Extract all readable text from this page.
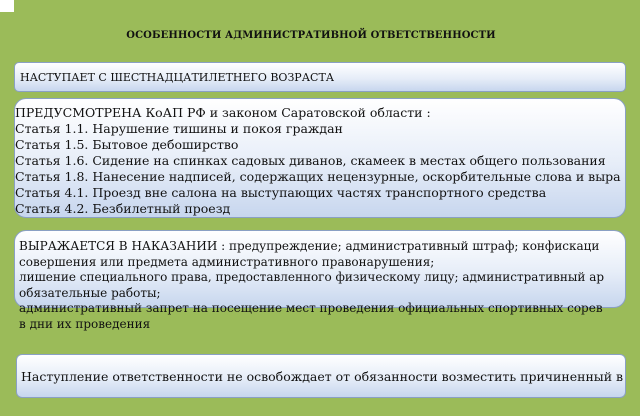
ОСОБЕННОСТИ АДМИНИСТРАТИВНОЙ ОТВЕТСТВЕННОСТИ
НАСТУПАЕТ С ШЕСТНАДЦАТИЛЕТНЕГО ВОЗРАСТА
ПРЕДУСМОТРЕНА КоАП РФ и законом Саратовской области :
Статья 1.1. Нарушение тишины и покоя граждан
Статья 1.5. Бытовое дебоширство
Статья 1.6. Сидение на спинках садовых диванов, скамеек в местах общего пользования
Статья 1.8. Нанесение надписей, содержащих нецензурные, оскорбительные слова и выра
Статья 4.1. Проезд вне салона на выступающих частях транспортного средства
Статья 4.2. Безбилетный проезд
ВЫРАЖАЕТСЯ В НАКАЗАНИИ : предупреждение; административный штраф; конфискаци
совершения или предмета административного правонарушения;
лишение специального права, предоставленного физическому лицу; административный ар
обязательные работы;
административный запрет на посещение мест проведения официальных спортивных сорев
в дни их проведения
Наступление ответственности не освобождает от обязанности возместить причиненный в
